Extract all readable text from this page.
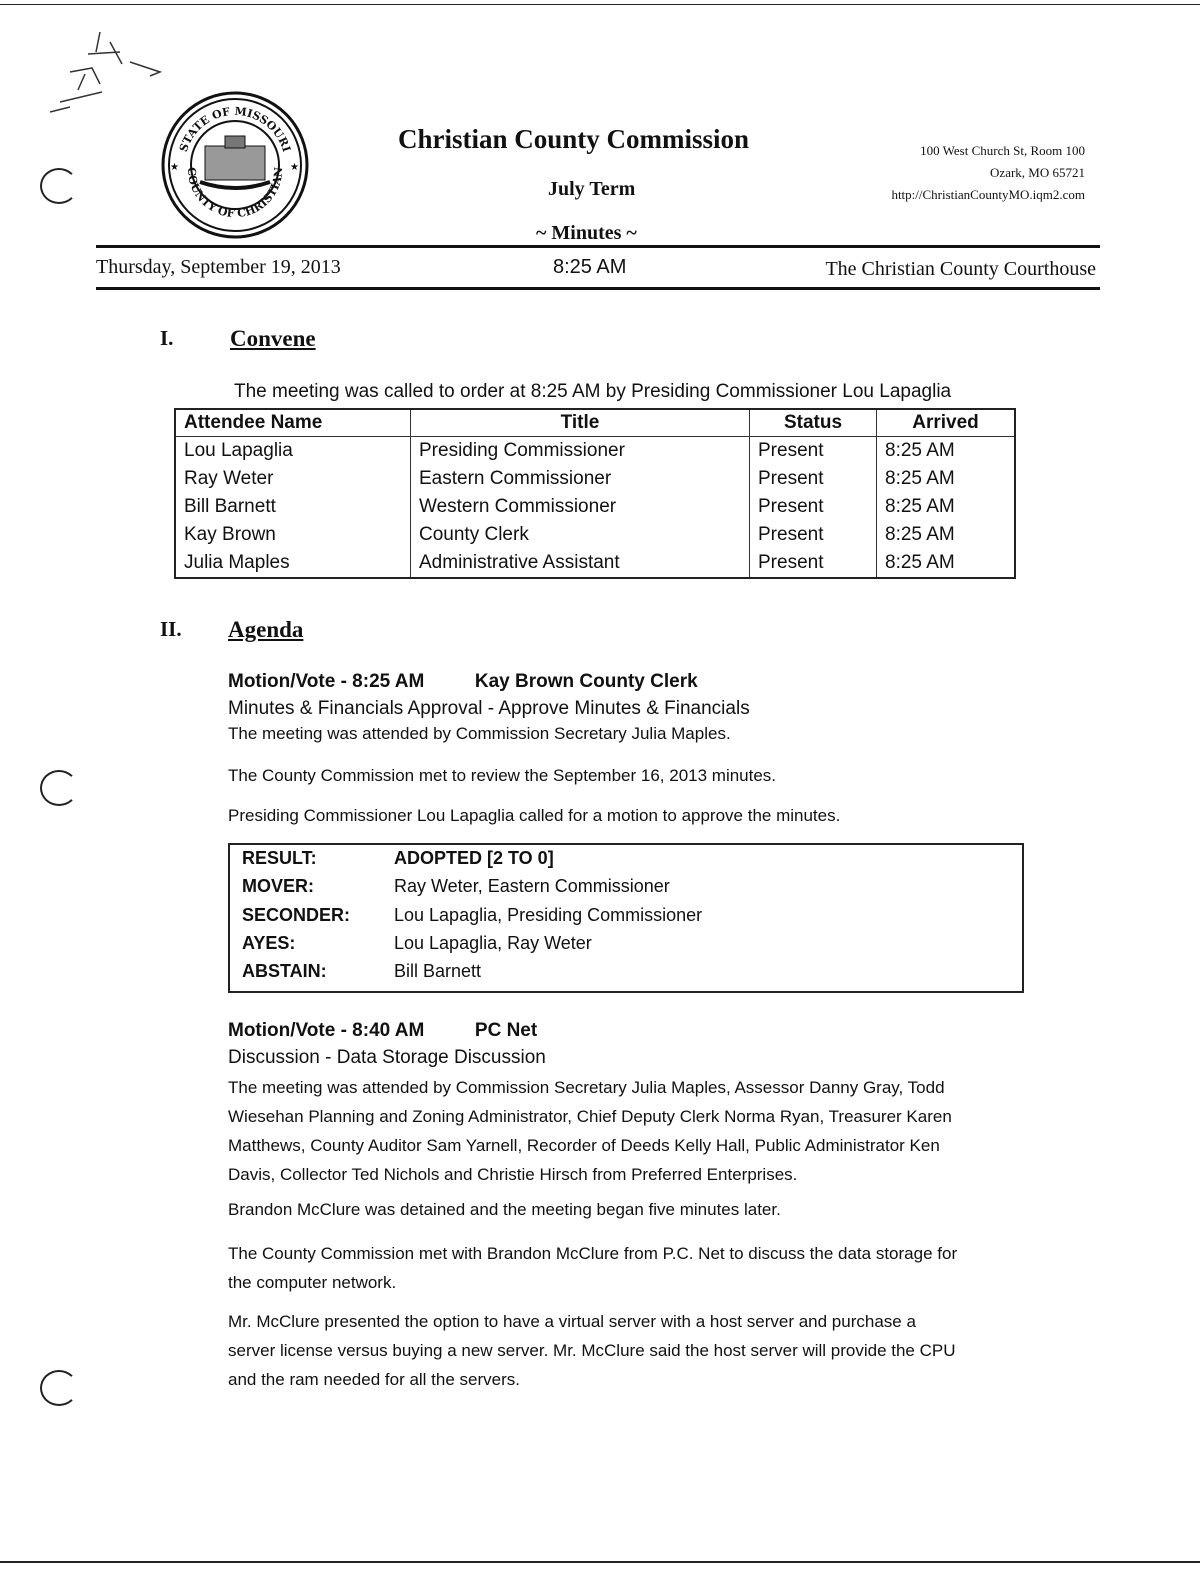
STATE OF MISSOURI
COUNTY OF CHRISTIAN
★	★
Christian County Commission
July Term
~ Minutes ~
100 West Church St, Room 100
Ozark, MO 65721
http://ChristianCountyMO.iqm2.com
Thursday, September 19, 2013	8:25 AM	The Christian County Courthouse
I. Convene
The meeting was called to order at 8:25 AM by Presiding Commissioner Lou Lapaglia
Attendee Name	Title	Status	Arrived
Lou Lapaglia	Presiding Commissioner	Present	8:25 AM
Ray Weter	Eastern Commissioner	Present	8:25 AM
Bill Barnett	Western Commissioner	Present	8:25 AM
Kay Brown	County Clerk	Present	8:25 AM
Julia Maples	Administrative Assistant	Present	8:25 AM
II. Agenda
Motion/Vote - 8:25 AM	Kay Brown County Clerk
Minutes & Financials Approval - Approve Minutes & Financials
The meeting was attended by Commission Secretary Julia Maples.
The County Commission met to review the September 16, 2013 minutes.
Presiding Commissioner Lou Lapaglia called for a motion to approve the minutes.
RESULT:	ADOPTED [2 TO 0]
MOVER:	Ray Weter, Eastern Commissioner
SECONDER:	Lou Lapaglia, Presiding Commissioner
AYES:	Lou Lapaglia, Ray Weter
ABSTAIN:	Bill Barnett
Motion/Vote - 8:40 AM	PC Net
Discussion - Data Storage Discussion
The meeting was attended by Commission Secretary Julia Maples, Assessor Danny Gray, Todd
Wiesehan Planning and Zoning Administrator, Chief Deputy Clerk Norma Ryan, Treasurer Karen
Matthews, County Auditor Sam Yarnell, Recorder of Deeds Kelly Hall, Public Administrator Ken
Davis, Collector Ted Nichols and Christie Hirsch from Preferred Enterprises.
Brandon McClure was detained and the meeting began five minutes later.
The County Commission met with Brandon McClure from P.C. Net to discuss the data storage for
the computer network.
Mr. McClure presented the option to have a virtual server with a host server and purchase a
server license versus buying a new server. Mr. McClure said the host server will provide the CPU
and the ram needed for all the servers.
